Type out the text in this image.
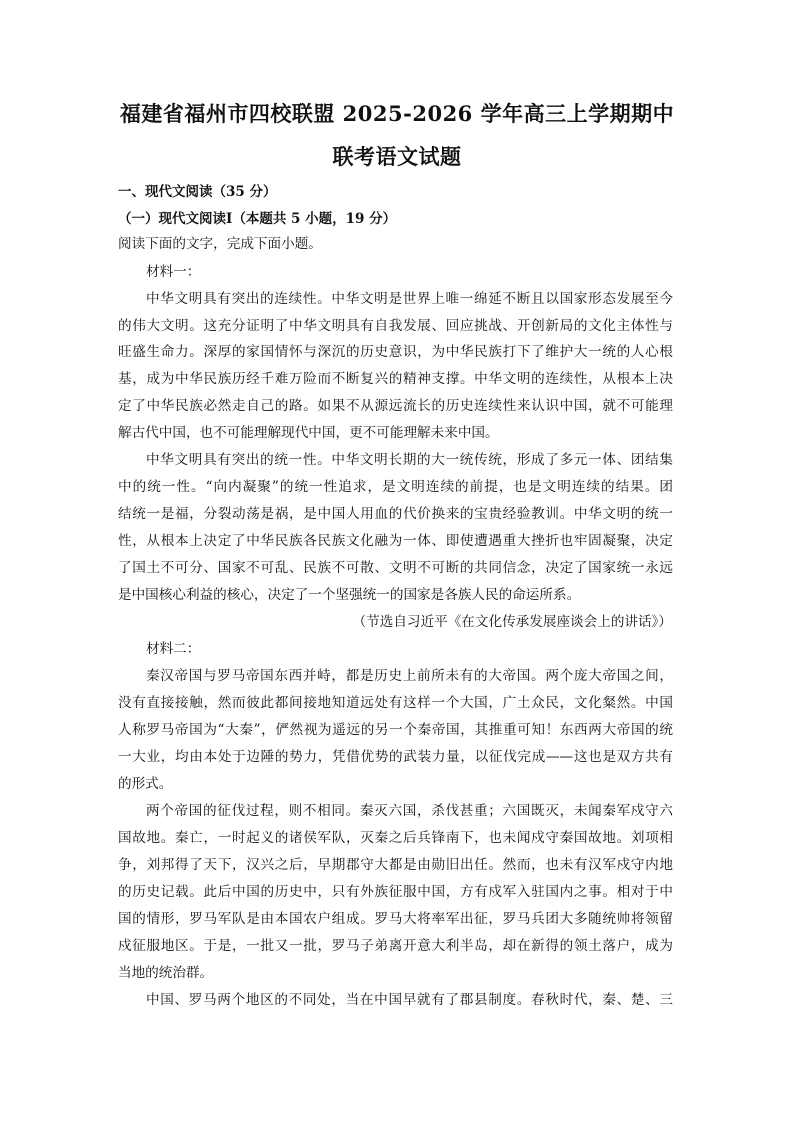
福建省福州市四校联盟 2025-2026 学年高三上学期期中
联考语文试题
一、现代文阅读（35 分）
（一）现代文阅读Ⅰ（本题共 5 小题，19 分）
阅读下面的文字，完成下面小题。
材料一：
中华文明具有突出的连续性。中华文明是世界上唯一绵延不断且以国家形态发展至今
的伟大文明。这充分证明了中华文明具有自我发展、回应挑战、开创新局的文化主体性与
旺盛生命力。深厚的家国情怀与深沉的历史意识，为中华民族打下了维护大一统的人心根
基，成为中华民族历经千难万险而不断复兴的精神支撑。中华文明的连续性，从根本上决
定了中华民族必然走自己的路。如果不从源远流长的历史连续性来认识中国，就不可能理
解古代中国，也不可能理解现代中国，更不可能理解未来中国。
中华文明具有突出的统一性。中华文明长期的大一统传统，形成了多元一体、团结集
中的统一性。“向内凝聚”的统一性追求，是文明连续的前提，也是文明连续的结果。团
结统一是福，分裂动荡是祸，是中国人用血的代价换来的宝贵经验教训。中华文明的统一
性，从根本上决定了中华民族各民族文化融为一体、即使遭遇重大挫折也牢固凝聚，决定
了国土不可分、国家不可乱、民族不可散、文明不可断的共同信念，决定了国家统一永远
是中国核心利益的核心，决定了一个坚强统一的国家是各族人民的命运所系。
（节选自习近平《在文化传承发展座谈会上的讲话》）
材料二：
秦汉帝国与罗马帝国东西并峙，都是历史上前所未有的大帝国。两个庞大帝国之间，
没有直接接触，然而彼此都间接地知道远处有这样一个大国，广土众民，文化粲然。中国
人称罗马帝国为“大秦”，俨然视为遥远的另一个秦帝国，其推重可知！东西两大帝国的统
一大业，均由本处于边陲的势力，凭借优势的武装力量，以征伐完成——这也是双方共有
的形式。
两个帝国的征伐过程，则不相同。秦灭六国，杀伐甚重；六国既灭，未闻秦军戍守六
国故地。秦亡，一时起义的诸侯军队，灭秦之后兵锋南下，也未闻戍守秦国故地。刘项相
争，刘邦得了天下，汉兴之后，早期郡守大都是由勋旧出任。然而，也未有汉军戍守内地
的历史记载。此后中国的历史中，只有外族征服中国，方有戍军入驻国内之事。相对于中
国的情形，罗马军队是由本国农户组成。罗马大将率军出征，罗马兵团大多随统帅将领留
戍征服地区。于是，一批又一批，罗马子弟离开意大利半岛，却在新得的领土落户，成为
当地的统治群。
中国、罗马两个地区的不同处，当在中国早就有了郡县制度。春秋时代，秦、楚、三
